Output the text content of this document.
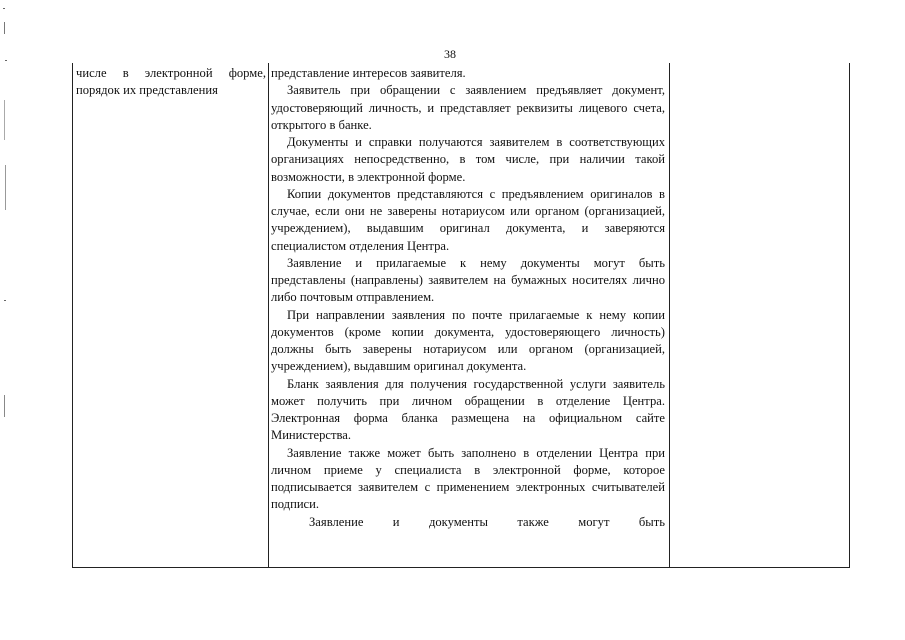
38
числе в электронной форме,
порядок их представления

представление интересов заявителя.

Заявитель при обращении с заявлением предъявляет документ, удостоверяющий личность, и представляет реквизиты лицевого счета, открытого в банке.

Документы и справки получаются заявителем в соответствующих организациях непосредственно, в том числе, при наличии такой возможности, в электронной форме.

Копии документов представляются с предъявлением оригиналов в случае, если они не заверены нотариусом или органом (организацией, учреждением), выдавшим оригинал документа, и заверяются специалистом отделения Центра.

Заявление и прилагаемые к нему документы могут быть представлены (направлены) заявителем на бумажных носителях лично либо почтовым отправлением.

При направлении заявления по почте прилагаемые к нему копии документов (кроме копии документа, удостоверяющего личность) должны быть заверены нотариусом или органом (организацией, учреждением), выдавшим оригинал документа.

Бланк заявления для получения государственной услуги заявитель может получить при личном обращении в отделение Центра. Электронная форма бланка размещена на официальном сайте Министерства.

Заявление также может быть заполнено в отделении Центра при личном приеме у специалиста в электронной форме, которое подписывается заявителем с применением электронных считывателей подписи.

Заявление и документы также могут быть
